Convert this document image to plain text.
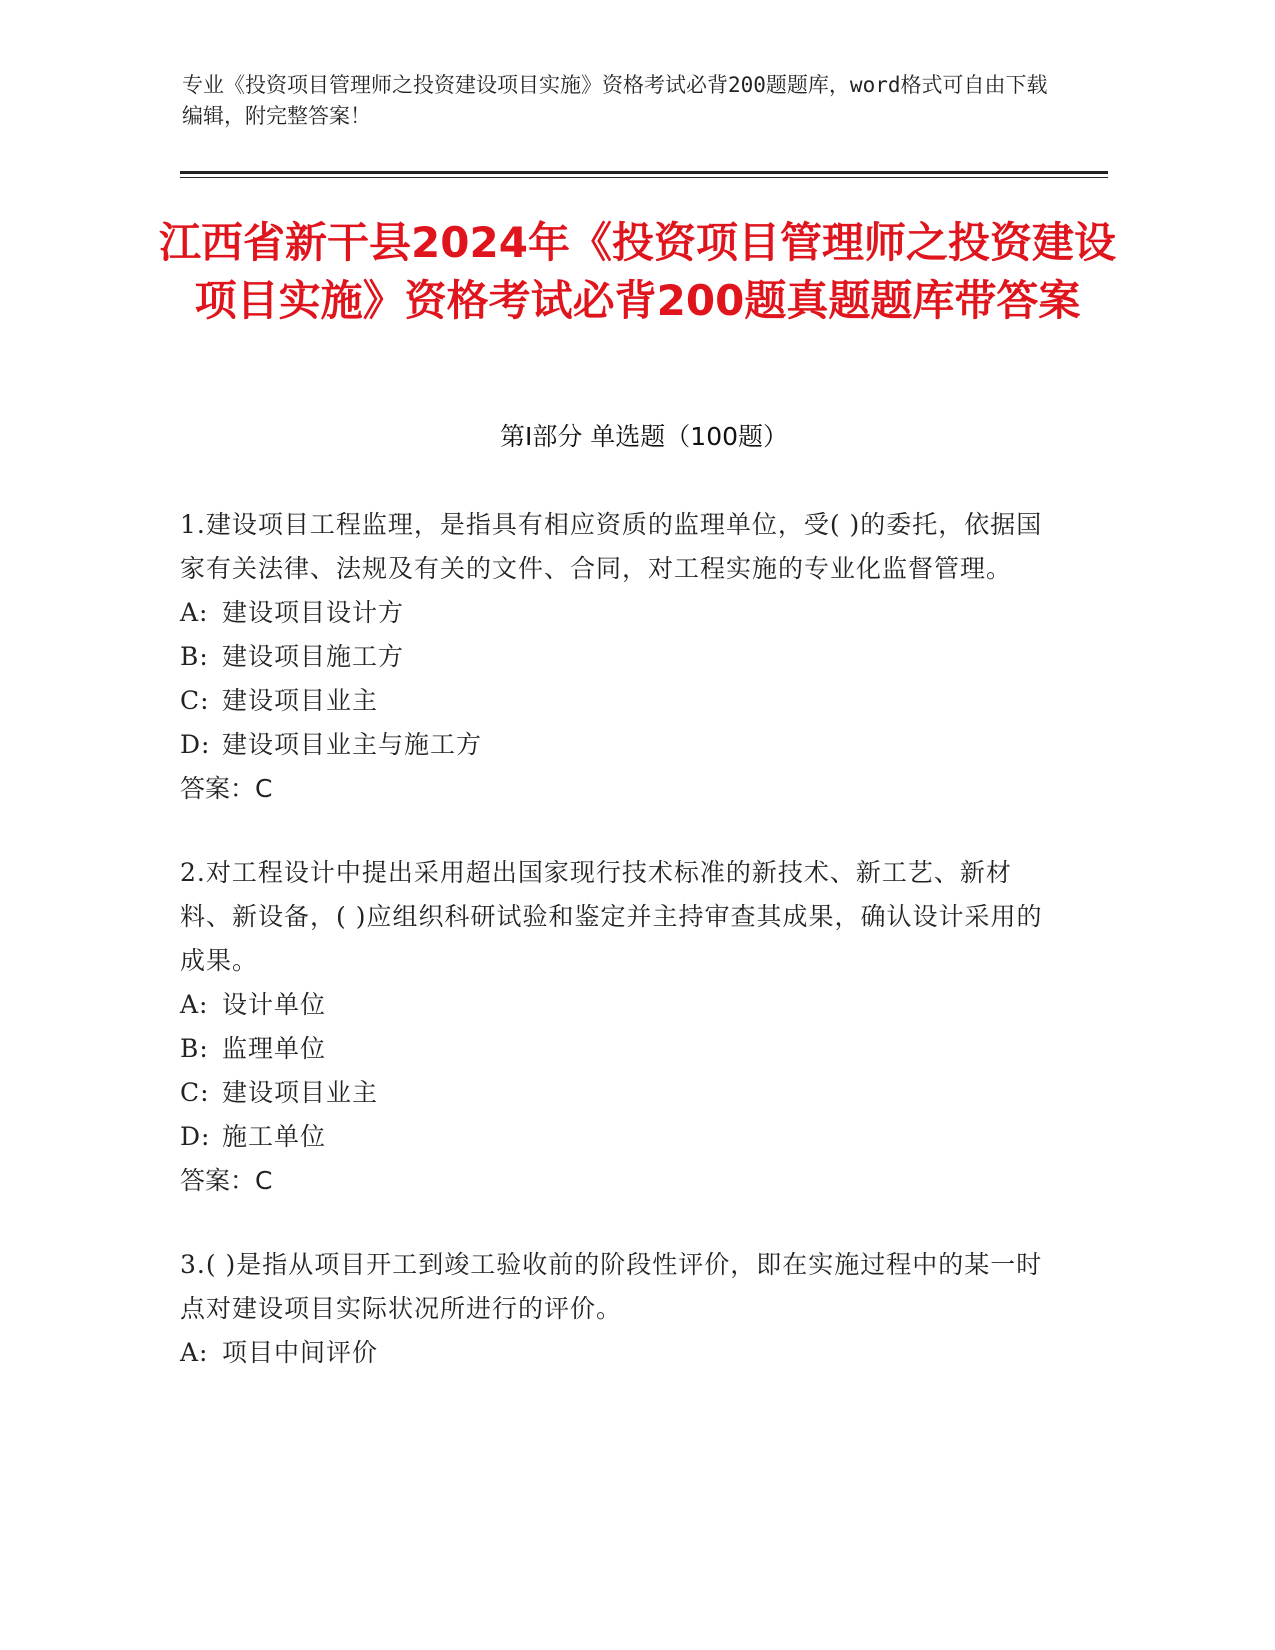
专业《投资项目管理师之投资建设项目实施》资格考试必背200题题库，word格式可自由下载编辑，附完整答案！
江西省新干县2024年《投资项目管理师之投资建设项目实施》资格考试必背200题真题题库带答案
第Ⅰ部分 单选题（100题）
1.建设项目工程监理，是指具有相应资质的监理单位，受( )的委托，依据国家有关法律、法规及有关的文件、合同，对工程实施的专业化监督管理。
A: 建设项目设计方
B: 建设项目施工方
C: 建设项目业主
D: 建设项目业主与施工方
答案：C
2.对工程设计中提出采用超出国家现行技术标准的新技术、新工艺、新材料、新设备，( )应组织科研试验和鉴定并主持审查其成果，确认设计采用的成果。
A: 设计单位
B: 监理单位
C: 建设项目业主
D: 施工单位
答案：C
3.( )是指从项目开工到竣工验收前的阶段性评价，即在实施过程中的某一时点对建设项目实际状况所进行的评价。
A: 项目中间评价
